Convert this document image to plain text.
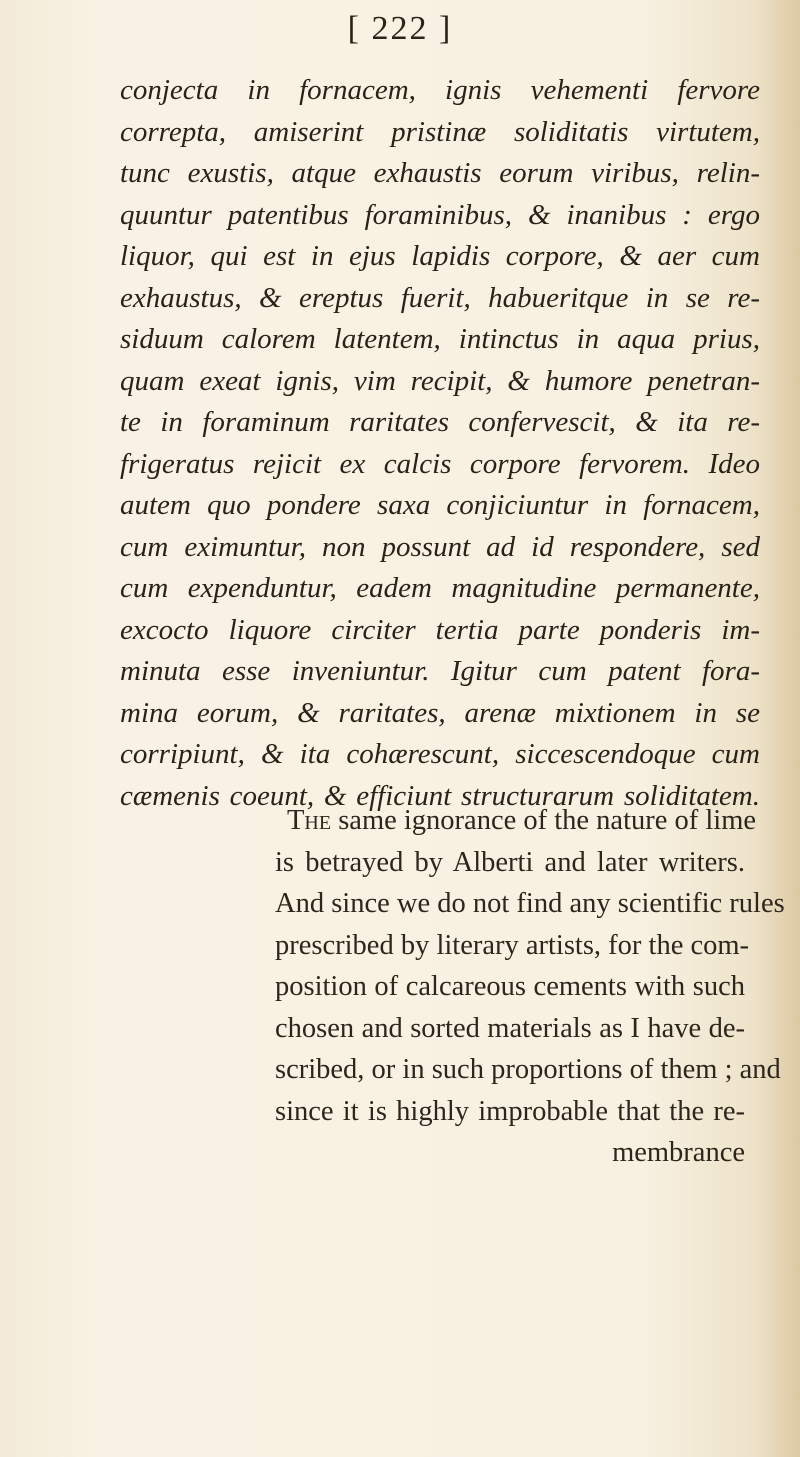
[ 222 ]
conjecta in fornacem, ignis vehementi fervore
correpta, amiserint pristinæ soliditatis virtutem,
tunc exustis, atque exhaustis eorum viribus, relin-
quuntur patentibus foraminibus, & inanibus : ergo
liquor, qui est in ejus lapidis corpore, & aer cum
exhaustus, & ereptus fuerit, habueritque in se re-
siduum calorem latentem, intinctus in aqua prius,
quam exeat ignis, vim recipit, & humore penetran-
te in foraminum raritates confervescit, & ita re-
frigeratus rejicit ex calcis corpore fervorem. Ideo
autem quo pondere saxa conjiciuntur in fornacem,
cum eximuntur, non possunt ad id respondere, sed
cum expenduntur, eadem magnitudine permanente,
excocto liquore circiter tertia parte ponderis im-
minuta esse inveniuntur. Igitur cum patent fora-
mina eorum, & raritates, arenæ mixtionem in se
corripiunt, & ita cohærescunt, siccescendoque cum
cæmenis coeunt, & efficiunt structurarum soliditatem.
The same ignorance of the nature of lime
is betrayed by Alberti and later writers.
And since we do not find any scientific rules
prescribed by literary artists, for the com-
position of calcareous cements with such
chosen and sorted materials as I have de-
scribed, or in such proportions of them ; and
since it is highly improbable that the re-
membrance
